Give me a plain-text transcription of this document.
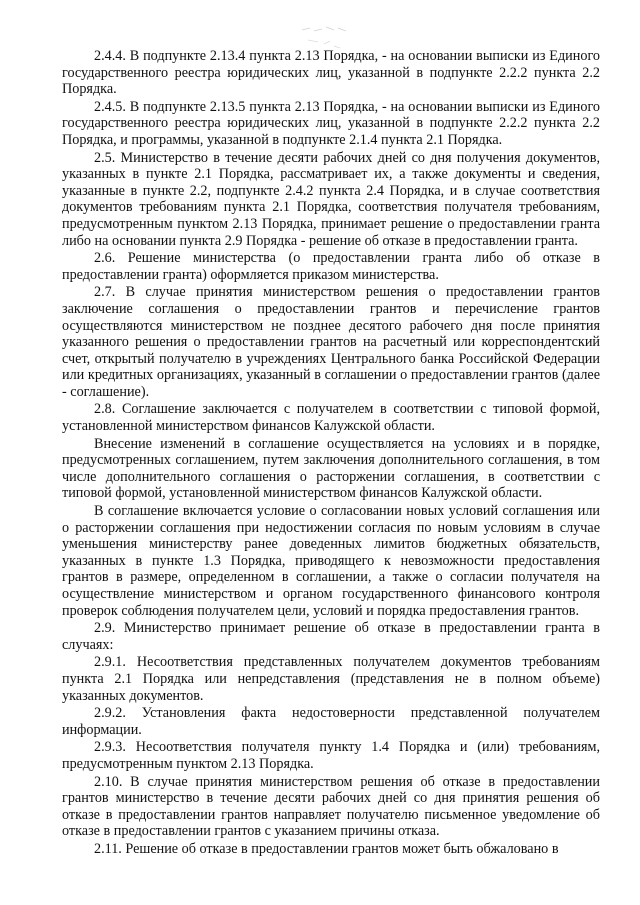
2.4.4. В подпункте 2.13.4 пункта 2.13 Порядка, - на основании выписки из Единого государственного реестра юридических лиц, указанной в подпункте 2.2.2 пункта 2.2 Порядка.

2.4.5. В подпункте 2.13.5 пункта 2.13 Порядка, - на основании выписки из Единого государственного реестра юридических лиц, указанной в подпункте 2.2.2 пункта 2.2 Порядка, и программы, указанной в подпункте 2.1.4 пункта 2.1 Порядка.

2.5. Министерство в течение десяти рабочих дней со дня получения документов, указанных в пункте 2.1 Порядка, рассматривает их, а также документы и сведения, указанные в пункте 2.2, подпункте 2.4.2 пункта 2.4 Порядка, и в случае соответствия документов требованиям пункта 2.1 Порядка, соответствия получателя требованиям, предусмотренным пунктом 2.13 Порядка, принимает решение о предоставлении гранта либо на основании пункта 2.9 Порядка - решение об отказе в предоставлении гранта.

2.6. Решение министерства (о предоставлении гранта либо об отказе в предоставлении гранта) оформляется приказом министерства.

2.7. В случае принятия министерством решения о предоставлении грантов заключение соглашения о предоставлении грантов и перечисление грантов осуществляются министерством не позднее десятого рабочего дня после принятия указанного решения о предоставлении грантов на расчетный или корреспондентский счет, открытый получателю в учреждениях Центрального банка Российской Федерации или кредитных организациях, указанный в соглашении о предоставлении грантов (далее - соглашение).

2.8. Соглашение заключается с получателем в соответствии с типовой формой, установленной министерством финансов Калужской области.

Внесение изменений в соглашение осуществляется на условиях и в порядке, предусмотренных соглашением, путем заключения дополнительного соглашения, в том числе дополнительного соглашения о расторжении соглашения, в соответствии с типовой формой, установленной министерством финансов Калужской области.

В соглашение включается условие о согласовании новых условий соглашения или о расторжении соглашения при недостижении согласия по новым условиям в случае уменьшения министерству ранее доведенных лимитов бюджетных обязательств, указанных в пункте 1.3 Порядка, приводящего к невозможности предоставления грантов в размере, определенном в соглашении, а также о согласии получателя на осуществление министерством и органом государственного финансового контроля проверок соблюдения получателем цели, условий и порядка предоставления грантов.

2.9. Министерство принимает решение об отказе в предоставлении гранта в случаях:

2.9.1. Несоответствия представленных получателем документов требованиям пункта 2.1 Порядка или непредставления (представления не в полном объеме) указанных документов.

2.9.2. Установления факта недостоверности представленной получателем информации.

2.9.3. Несоответствия получателя пункту 1.4 Порядка и (или) требованиям, предусмотренным пунктом 2.13 Порядка.

2.10. В случае принятия министерством решения об отказе в предоставлении грантов министерство в течение десяти рабочих дней со дня принятия решения об отказе в предоставлении грантов направляет получателю письменное уведомление об отказе в предоставлении грантов с указанием причины отказа.

2.11. Решение об отказе в предоставлении грантов может быть обжаловано в
